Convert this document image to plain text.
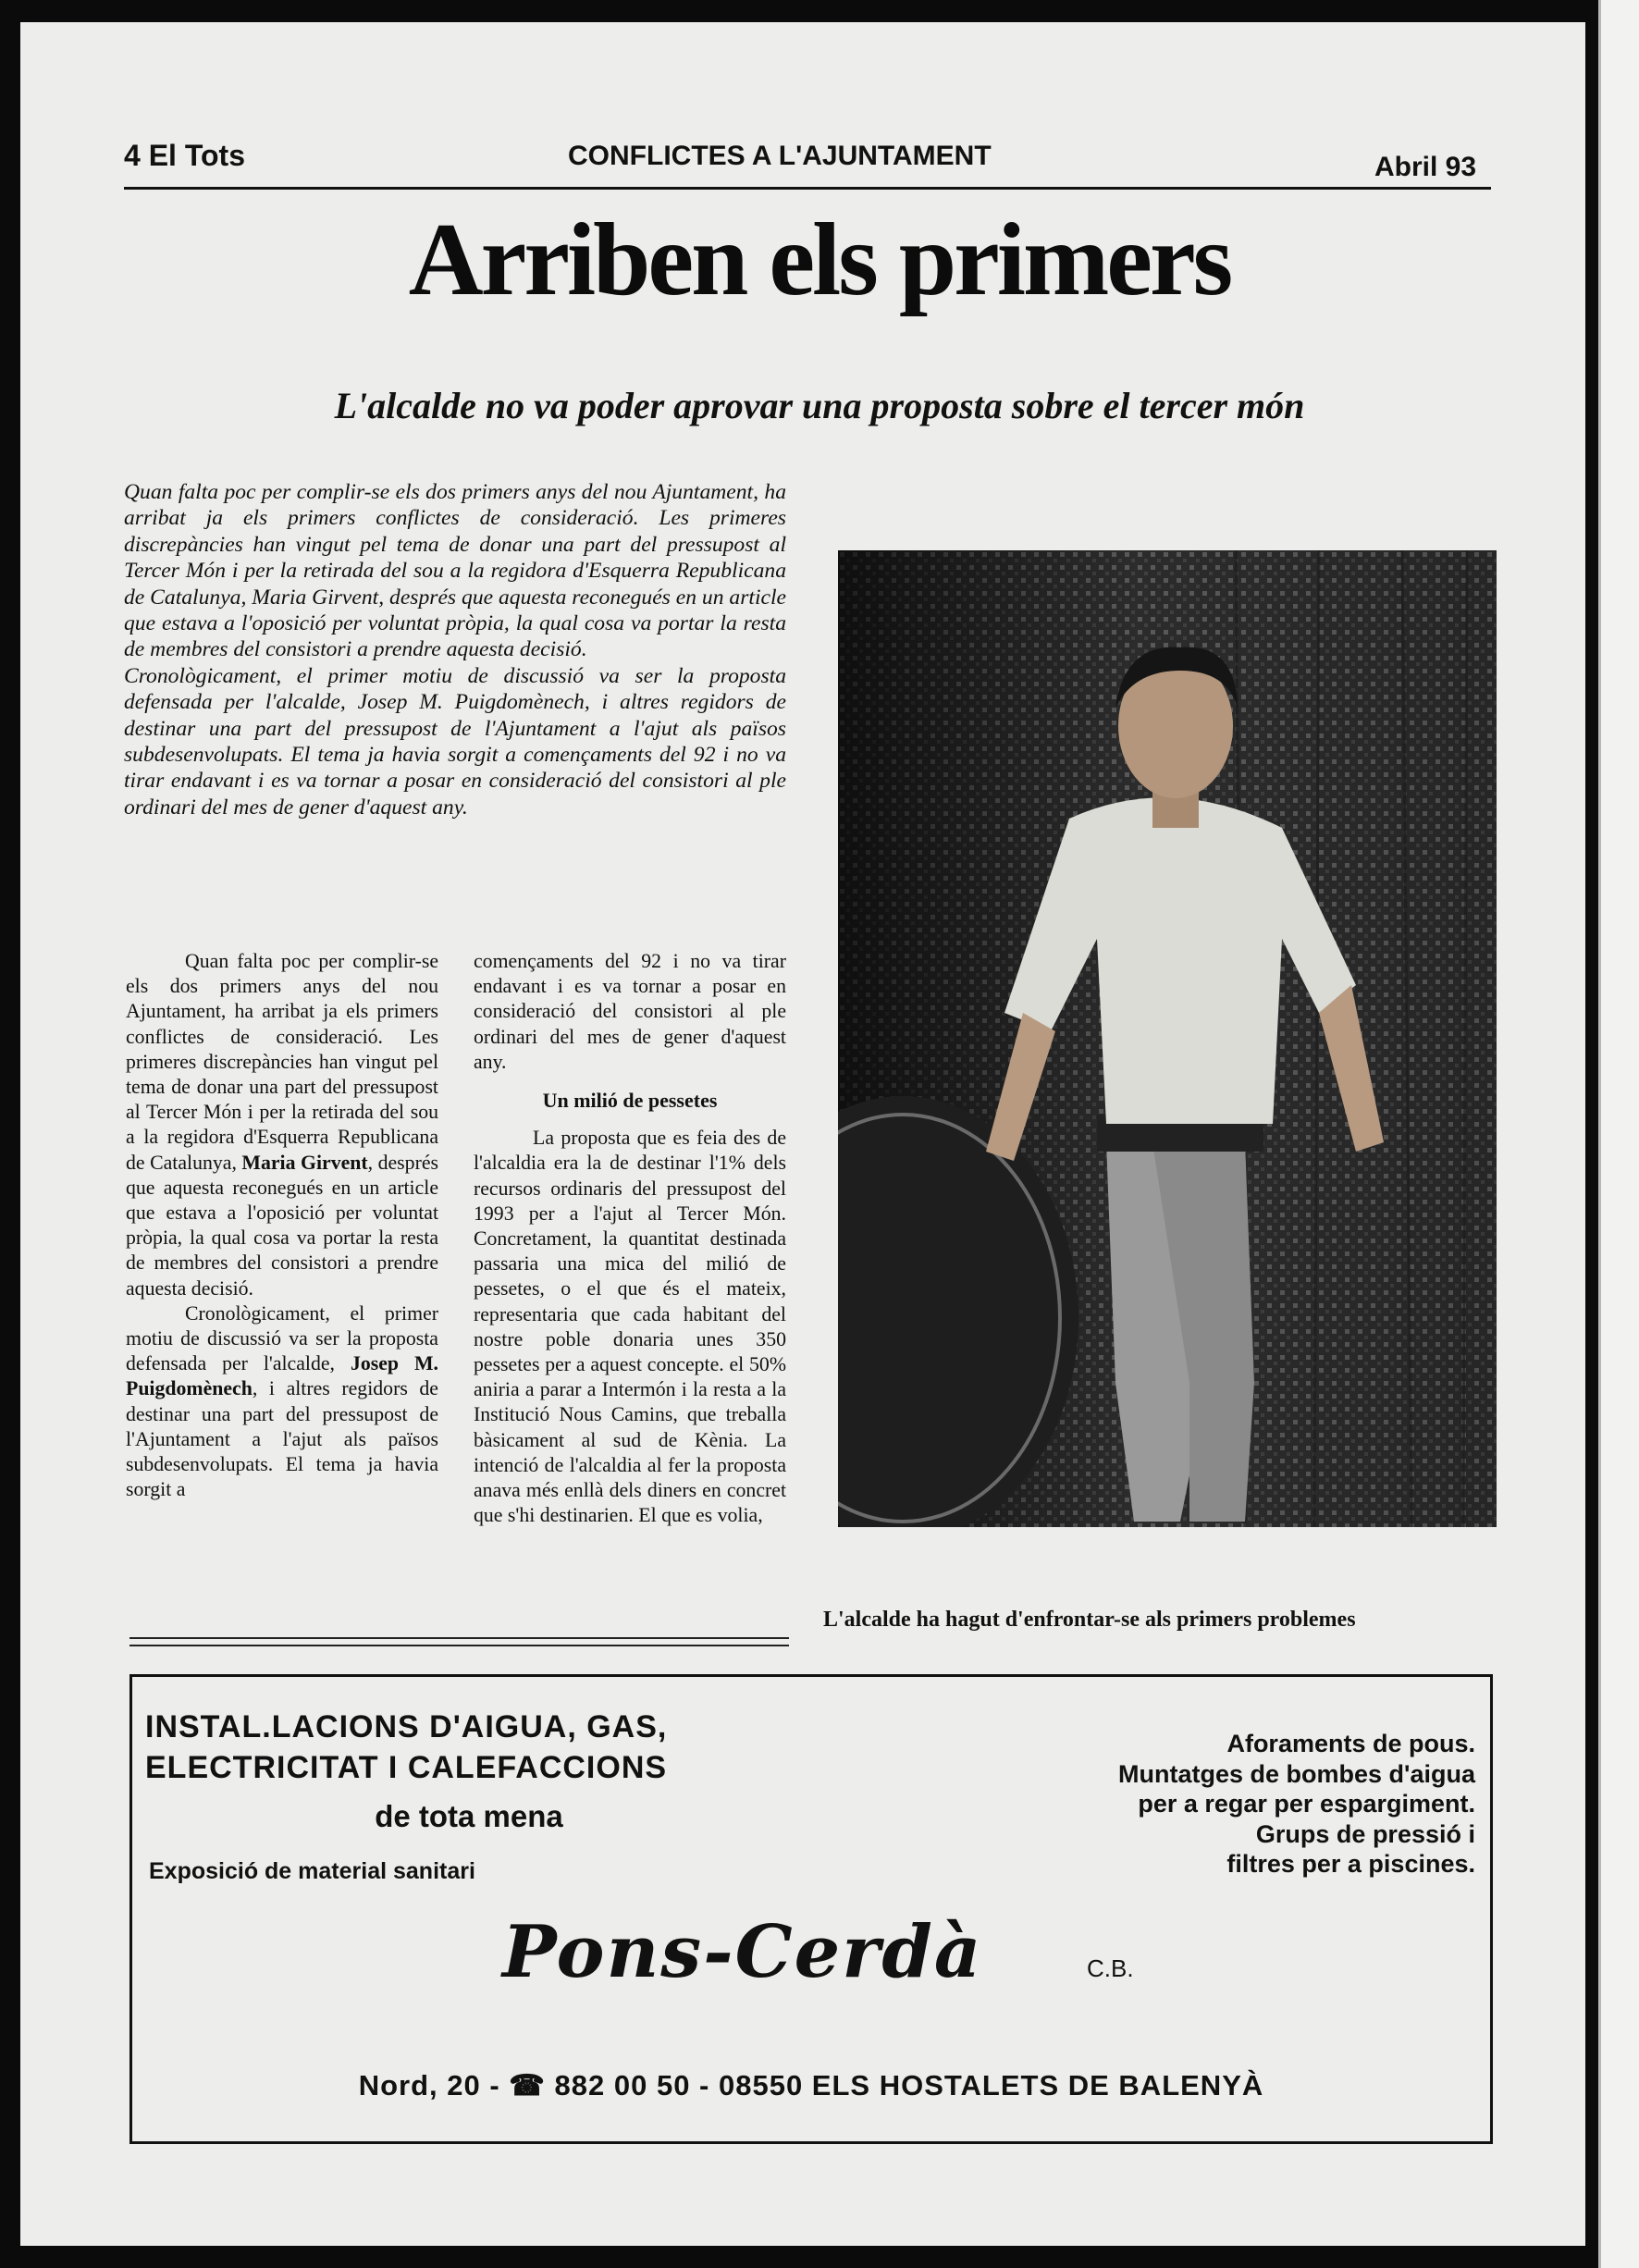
4 El Tots	CONFLICTES A L'AJUNTAMENT	Abril 93
Arriben els primers
L'alcalde no va poder aprovar una proposta sobre el tercer món

Quan falta poc per complir-se els dos primers anys del nou Ajuntament, ha arribat ja els primers conflictes de consideració. Les primeres discrepàncies han vingut pel tema de donar una part del pressupost al Tercer Món i per la retirada del sou a la regidora d'Esquerra Republicana de Catalunya, Maria Girvent, després que aquesta reconegués en un article que estava a l'oposició per voluntat pròpia, la qual cosa va portar la resta de membres del consistori a prendre aquesta decisió.

Cronològicament, el primer motiu de discussió va ser la proposta defensada per l'alcalde, Josep M. Puigdomènech, i altres regidors de destinar una part del pressupost de l'Ajuntament a l'ajut als països subdesenvolupats. El tema ja havia sorgit a començaments del 92 i no va tirar endavant i es va tornar a posar en consideració del consistori al ple ordinari del mes de gener d'aquest any.

Quan falta poc per complir-se els dos primers anys del nou Ajuntament, ha arribat ja els primers conflictes de consideració. Les primeres discrepàncies han vingut pel tema de donar una part del pressupost al Tercer Món i per la retirada del sou a la regidora d'Esquerra Republicana de Catalunya, Maria Girvent, després que aquesta reconegués en un article que estava a l'oposició per voluntat pròpia, la qual cosa va portar la resta de membres del consistori a prendre aquesta decisió.

Cronològicament, el primer motiu de discussió va ser la proposta defensada per l'alcalde, Josep M. Puigdomènech, i altres regidors de destinar una part del pressupost de l'Ajuntament a l'ajut als països subdesenvolupats. El tema ja havia sorgit a

començaments del 92 i no va tirar endavant i es va tornar a posar en consideració del consistori al ple ordinari del mes de gener d'aquest any.

Un milió de pessetes

La proposta que es feia des de l'alcaldia era la de destinar l'1% dels recursos ordinaris del pressupost del 1993 per a l'ajut al Tercer Món. Concretament, la quantitat destinada passaria una mica del milió de pessetes, o el que és el mateix, representaria que cada habitant del nostre poble donaria unes 350 pessetes per a aquest concepte. el 50% aniria a parar a Intermón i la resta a la Institució Nous Camins, que treballa bàsicament al sud de Kènia. La intenció de l'alcaldia al fer la proposta anava més enllà dels diners en concret que s'hi destinarien. El que es volia,

L'alcalde ha hagut d'enfrontar-se als primers problemes
INSTAL.LACIONS D'AIGUA, GAS,
ELECTRICITAT I CALEFACCIONS
de tota mena
Exposició de material sanitari
Aforaments de pous.
Muntatges de bombes d'aigua
per a regar per espargiment.
Grups de pressió i
filtres per a piscines.
Pons-Cerdà	C.B.
Nord, 20 - ☎ 882 00 50 - 08550 ELS HOSTALETS DE BALENYÀ
